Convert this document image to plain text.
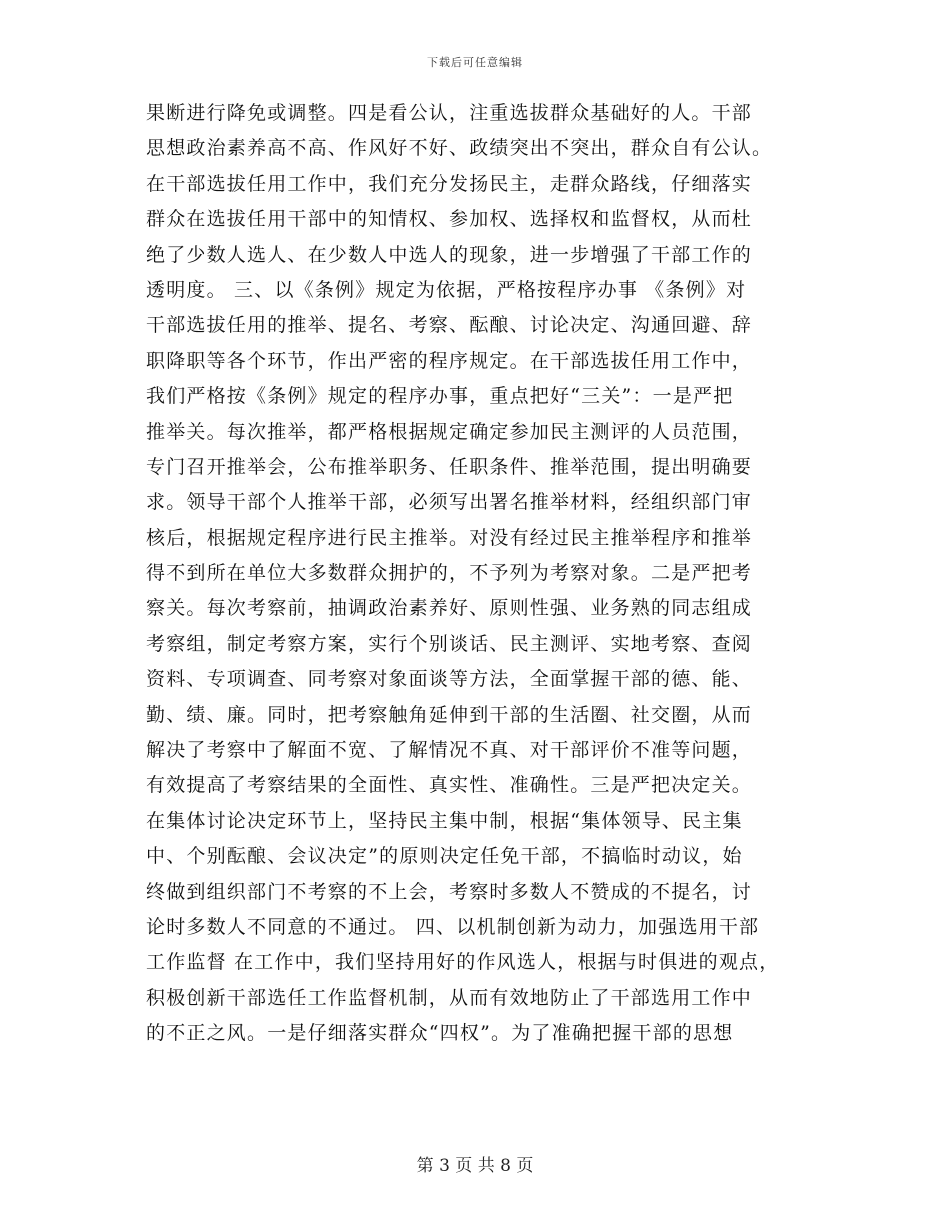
下载后可任意编辑
果断进行降免或调整。四是看公认，注重选拔群众基础好的人。干部
思想政治素养高不高、作风好不好、政绩突出不突出，群众自有公认。
在干部选拔任用工作中，我们充分发扬民主，走群众路线，仔细落实
群众在选拔任用干部中的知情权、参加权、选择权和监督权，从而杜
绝了少数人选人、在少数人中选人的现象，进一步增强了干部工作的
透明度。 三、以《条例》规定为依据，严格按程序办事 《条例》对
干部选拔任用的推举、提名、考察、酝酿、讨论决定、沟通回避、辞
职降职等各个环节，作出严密的程序规定。在干部选拔任用工作中，
我们严格按《条例》规定的程序办事，重点把好“三关”：一是严把
推举关。每次推举，都严格根据规定确定参加民主测评的人员范围，
专门召开推举会，公布推举职务、任职条件、推举范围，提出明确要
求。领导干部个人推举干部，必须写出署名推举材料，经组织部门审
核后，根据规定程序进行民主推举。对没有经过民主推举程序和推举
得不到所在单位大多数群众拥护的，不予列为考察对象。二是严把考
察关。每次考察前，抽调政治素养好、原则性强、业务熟的同志组成
考察组，制定考察方案，实行个别谈话、民主测评、实地考察、查阅
资料、专项调查、同考察对象面谈等方法，全面掌握干部的德、能、
勤、绩、廉。同时，把考察触角延伸到干部的生活圈、社交圈，从而
解决了考察中了解面不宽、了解情况不真、对干部评价不准等问题，
有效提高了考察结果的全面性、真实性、准确性。三是严把决定关。
在集体讨论决定环节上，坚持民主集中制，根据“集体领导、民主集
中、个别酝酿、会议决定”的原则决定任免干部，不搞临时动议，始
终做到组织部门不考察的不上会，考察时多数人不赞成的不提名，讨
论时多数人不同意的不通过。 四、以机制创新为动力，加强选用干部
工作监督 在工作中，我们坚持用好的作风选人，根据与时俱进的观点，
积极创新干部选任工作监督机制，从而有效地防止了干部选用工作中
的不正之风。一是仔细落实群众“四权”。为了准确把握干部的思想
第 3 页 共 8 页
